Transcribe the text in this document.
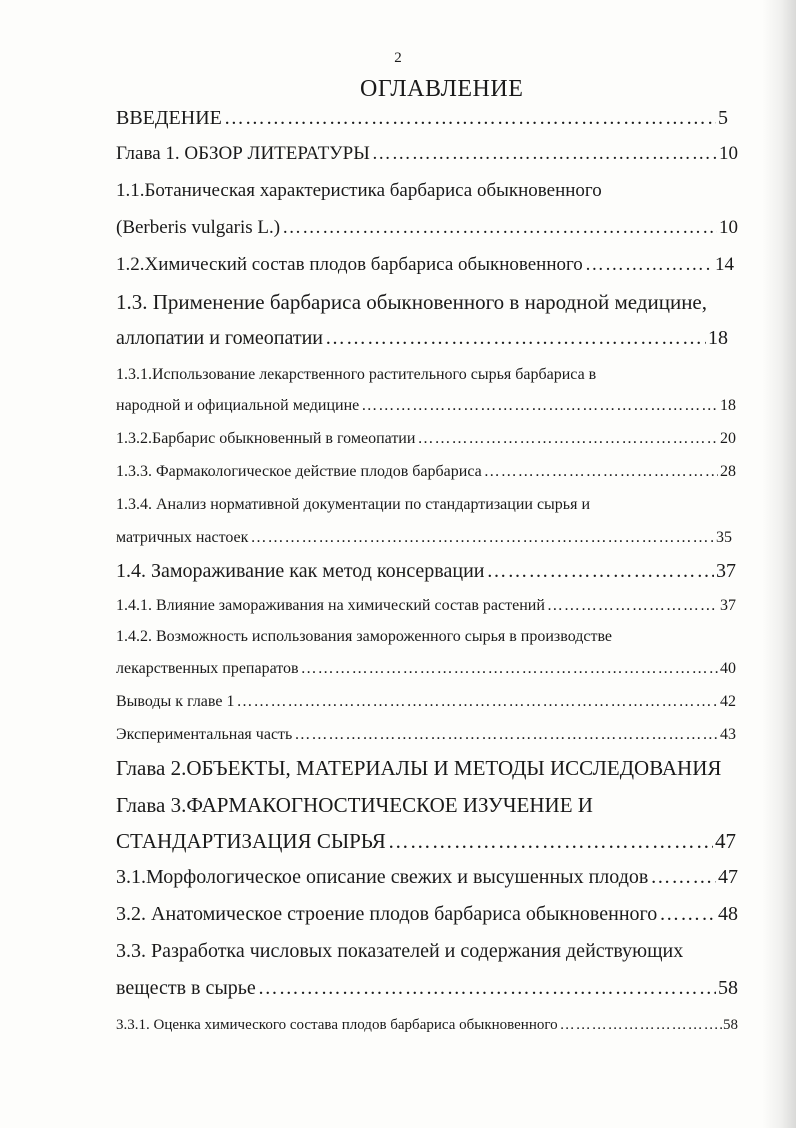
2
ОГЛАВЛЕНИЕ
ВВЕДЕНИЕ ……………………………………………………………………………………………………………………………………………………………………………………	5
Глава 1. ОБЗОР ЛИТЕРАТУРЫ ……………………………………………………………………………………………………………………………………………………………………………………	10
1.1.Ботаническая характеристика барбариса обыкновенного
(Berberis vulgaris L.) ……………………………………………………………………………………………………………………………………………………………………………………	10
1.2.Химический состав плодов барбариса обыкновенного ……………………………………………………………………………………………………………………………………………………………………………………	14
1.3. Применение барбариса обыкновенного в народной медицине,
аллопатии и гомеопатии ……………………………………………………………………………………………………………………………………………………………………………………	18
1.3.1.Использование лекарственного растительного сырья барбариса в
народной и официальной медицине ……………………………………………………………………………………………………………………………………………………………………………………	18
1.3.2.Барбарис обыкновенный в гомеопатии ……………………………………………………………………………………………………………………………………………………………………………………	20
1.3.3. Фармакологическое действие плодов барбариса ……………………………………………………………………………………………………………………………………………………………………………………	28
1.3.4. Анализ нормативной документации по стандартизации сырья и
матричных настоек ……………………………………………………………………………………………………………………………………………………………………………………	35
1.4. Замораживание как метод консервации ……………………………………………………………………………………………………………………………………………………………………………………	37
1.4.1. Влияние замораживания на химический состав растений ……………………………………………………………………………………………………………………………………………………………………………………	37
1.4.2. Возможность использования замороженного сырья в производстве
лекарственных препаратов ……………………………………………………………………………………………………………………………………………………………………………………	40
Выводы к главе 1 ……………………………………………………………………………………………………………………………………………………………………………………	42
Экспериментальная часть ……………………………………………………………………………………………………………………………………………………………………………………	43
Глава 2.ОБЪЕКТЫ, МАТЕРИАЛЫ И МЕТОДЫ ИССЛЕДОВАНИЯ
Глава 3.ФАРМАКОГНОСТИЧЕСКОЕ ИЗУЧЕНИЕ И
СТАНДАРТИЗАЦИЯ СЫРЬЯ ……………………………………………………………………………………………………………………………………………………………………………………	47
3.1.Морфологическое описание свежих и высушенных плодов ……………………………………………………………………………………………………………………………………………………………………………………	47
3.2. Анатомическое строение плодов барбариса обыкновенного ……………………………………………………………………………………………………………………………………………………………………………………	48
3.3. Разработка числовых показателей и содержания действующих
веществ в сырье ……………………………………………………………………………………………………………………………………………………………………………………	58
3.3.1. Оценка химического состава плодов барбариса обыкновенного ……………………………………………………………………………………………………………………………………………………………………………………	.58
